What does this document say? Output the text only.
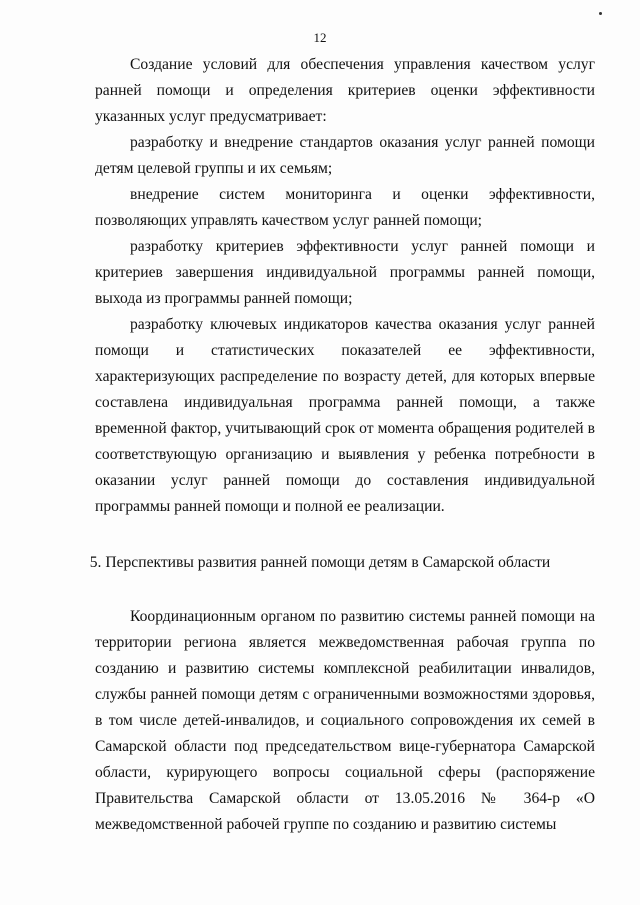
12

Создание условий для обеспечения управления качеством услуг ранней помощи и определения критериев оценки эффективности указанных услуг предусматривает:

разработку и внедрение стандартов оказания услуг ранней помощи детям целевой группы и их семьям;

внедрение систем мониторинга и оценки эффективности, позволяющих управлять качеством услуг ранней помощи;

разработку критериев эффективности услуг ранней помощи и критериев завершения индивидуальной программы ранней помощи, выхода из программы ранней помощи;

разработку ключевых индикаторов качества оказания услуг ранней помощи и статистических показателей ее эффективности, характеризующих распределение по возрасту детей, для которых впервые составлена индивидуальная программа ранней помощи, а также временной фактор, учитывающий срок от момента обращения родителей в соответствующую организацию и выявления у ребенка потребности в оказании услуг ранней помощи до составления индивидуальной программы ранней помощи и полной ее реализации.

5. Перспективы развития ранней помощи детям в Самарской области

Координационным органом по развитию системы ранней помощи на территории региона является межведомственная рабочая группа по созданию и развитию системы комплексной реабилитации инвалидов, службы ранней помощи детям с ограниченными возможностями здоровья, в том числе детей-инвалидов, и социального сопровождения их семей в Самарской области под председательством вице-губернатора Самарской области, курирующего вопросы социальной сферы (распоряжение Правительства Самарской области от 13.05.2016 № 364-р «О межведомственной рабочей группе по созданию и развитию системы
